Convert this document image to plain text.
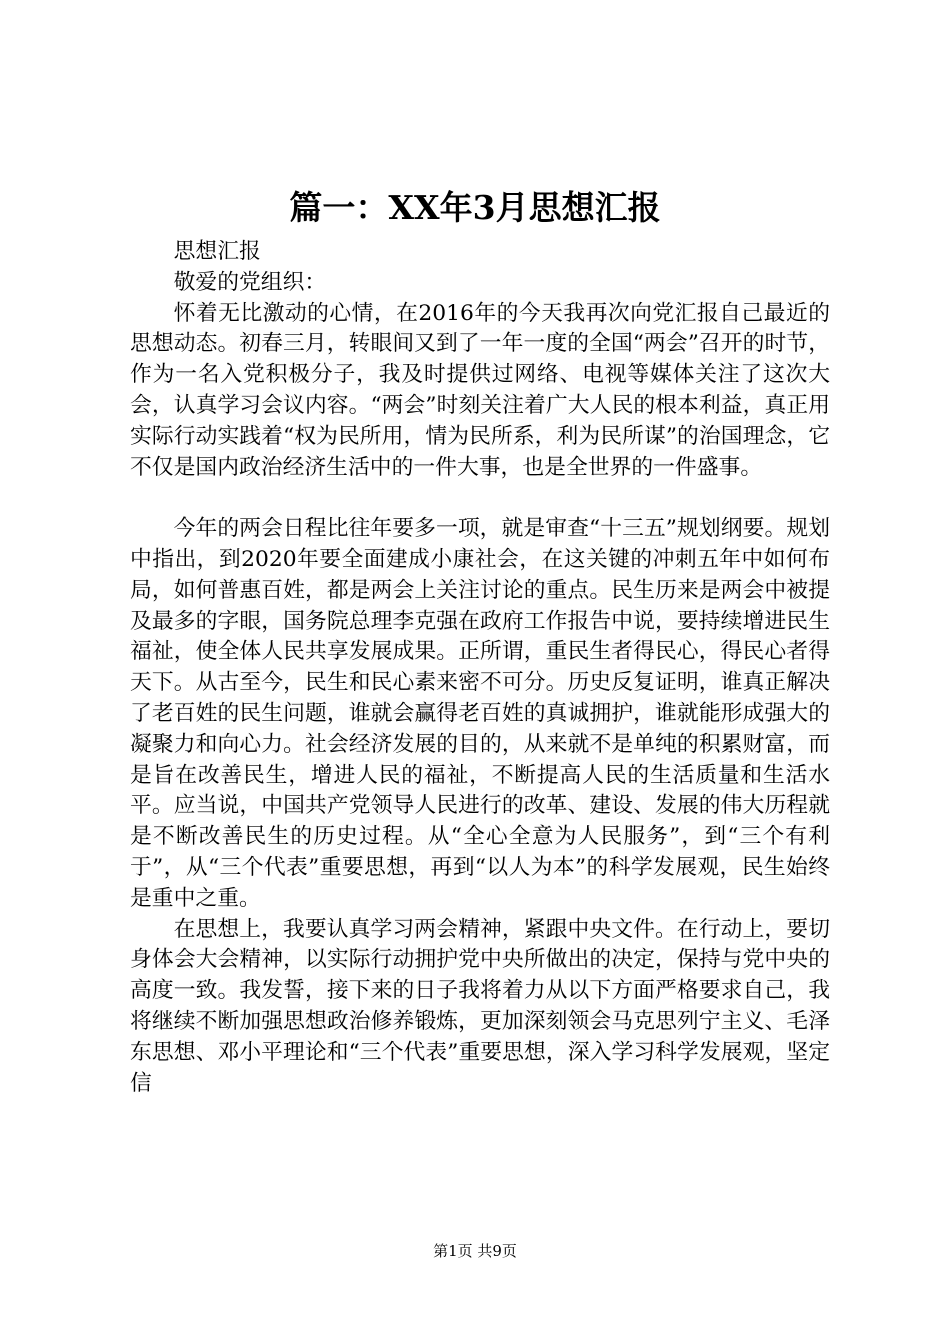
篇一：XX年3月思想汇报

思想汇报

敬爱的党组织：

怀着无比激动的心情，在2016年的今天我再次向党汇报自己最近的思想动态。初春三月，转眼间又到了一年一度的全国“两会”召开的时节，作为一名入党积极分子，我及时提供过网络、电视等媒体关注了这次大会，认真学习会议内容。“两会”时刻关注着广大人民的根本利益，真正用实际行动实践着“权为民所用，情为民所系，利为民所谋”的治国理念，它不仅是国内政治经济生活中的一件大事，也是全世界的一件盛事。

今年的两会日程比往年要多一项，就是审查“十三五”规划纲要。规划中指出，到2020年要全面建成小康社会，在这关键的冲刺五年中如何布局，如何普惠百姓，都是两会上关注讨论的重点。民生历来是两会中被提及最多的字眼，国务院总理李克强在政府工作报告中说，要持续增进民生福祉，使全体人民共享发展成果。正所谓，重民生者得民心，得民心者得天下。从古至今，民生和民心素来密不可分。历史反复证明，谁真正解决了老百姓的民生问题，谁就会赢得老百姓的真诚拥护，谁就能形成强大的凝聚力和向心力。社会经济发展的目的，从来就不是单纯的积累财富，而是旨在改善民生，增进人民的福祉，不断提高人民的生活质量和生活水平。应当说，中国共产党领导人民进行的改革、建设、发展的伟大历程就是不断改善民生的历史过程。从“全心全意为人民服务”，到“三个有利于”，从“三个代表”重要思想，再到“以人为本”的科学发展观，民生始终是重中之重。

在思想上，我要认真学习两会精神，紧跟中央文件。在行动上，要切身体会大会精神，以实际行动拥护党中央所做出的决定，保持与党中央的高度一致。我发誓，接下来的日子我将着力从以下方面严格要求自己，我将继续不断加强思想政治修养锻炼，更加深刻领会马克思列宁主义、毛泽东思想、邓小平理论和“三个代表”重要思想，深入学习科学发展观，坚定信

第1页 共9页
